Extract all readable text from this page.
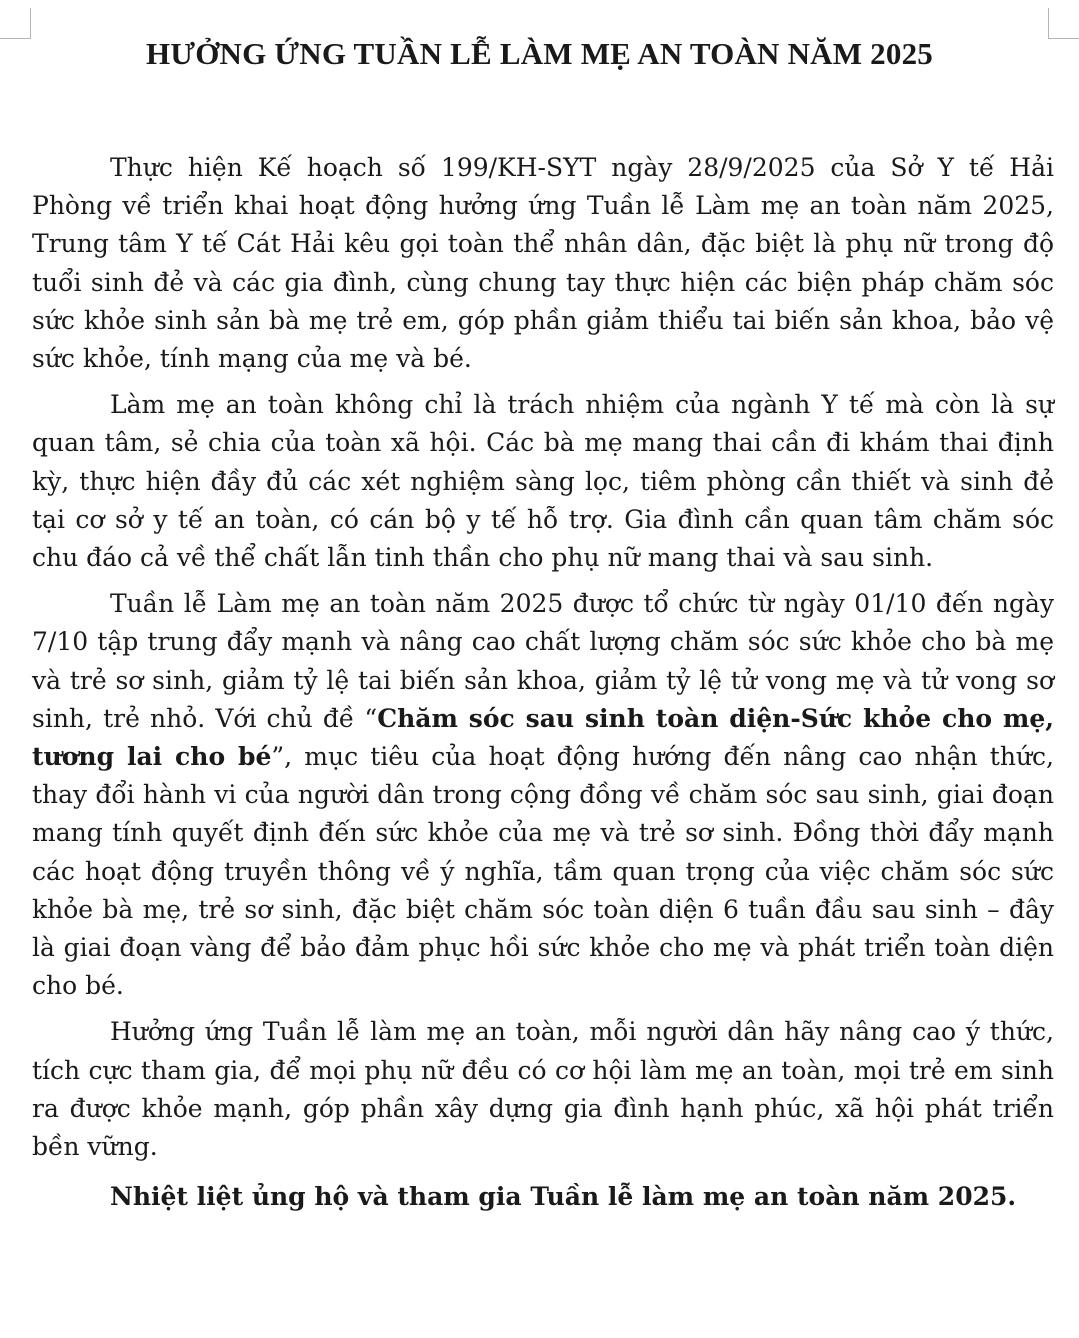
HƯỞNG ỨNG TUẦN LỄ LÀM MẸ AN TOÀN NĂM 2025

Thực hiện Kế hoạch số 199/KH-SYT ngày 28/9/2025 của Sở Y tế Hải Phòng về triển khai hoạt động hưởng ứng Tuần lễ Làm mẹ an toàn năm 2025, Trung tâm Y tế Cát Hải kêu gọi toàn thể nhân dân, đặc biệt là phụ nữ trong độ tuổi sinh đẻ và các gia đình, cùng chung tay thực hiện các biện pháp chăm sóc sức khỏe sinh sản bà mẹ trẻ em, góp phần giảm thiểu tai biến sản khoa, bảo vệ sức khỏe, tính mạng của mẹ và bé.

Làm mẹ an toàn không chỉ là trách nhiệm của ngành Y tế mà còn là sự quan tâm, sẻ chia của toàn xã hội. Các bà mẹ mang thai cần đi khám thai định kỳ, thực hiện đầy đủ các xét nghiệm sàng lọc, tiêm phòng cần thiết và sinh đẻ tại cơ sở y tế an toàn, có cán bộ y tế hỗ trợ. Gia đình cần quan tâm chăm sóc chu đáo cả về thể chất lẫn tinh thần cho phụ nữ mang thai và sau sinh.

Tuần lễ Làm mẹ an toàn năm 2025 được tổ chức từ ngày 01/10 đến ngày 7/10 tập trung đẩy mạnh và nâng cao chất lượng chăm sóc sức khỏe cho bà mẹ và trẻ sơ sinh, giảm tỷ lệ tai biến sản khoa, giảm tỷ lệ tử vong mẹ và tử vong sơ sinh, trẻ nhỏ. Với chủ đề “Chăm sóc sau sinh toàn diện-Sức khỏe cho mẹ, tương lai cho bé”, mục tiêu của hoạt động hướng đến nâng cao nhận thức, thay đổi hành vi của người dân trong cộng đồng về chăm sóc sau sinh, giai đoạn mang tính quyết định đến sức khỏe của mẹ và trẻ sơ sinh. Đồng thời đẩy mạnh các hoạt động truyền thông về ý nghĩa, tầm quan trọng của việc chăm sóc sức khỏe bà mẹ, trẻ sơ sinh, đặc biệt chăm sóc toàn diện 6 tuần đầu sau sinh – đây là giai đoạn vàng để bảo đảm phục hồi sức khỏe cho mẹ và phát triển toàn diện cho bé.

Hưởng ứng Tuần lễ làm mẹ an toàn, mỗi người dân hãy nâng cao ý thức, tích cực tham gia, để mọi phụ nữ đều có cơ hội làm mẹ an toàn, mọi trẻ em sinh ra được khỏe mạnh, góp phần xây dựng gia đình hạnh phúc, xã hội phát triển bền vững.

Nhiệt liệt ủng hộ và tham gia Tuần lễ làm mẹ an toàn năm 2025.
